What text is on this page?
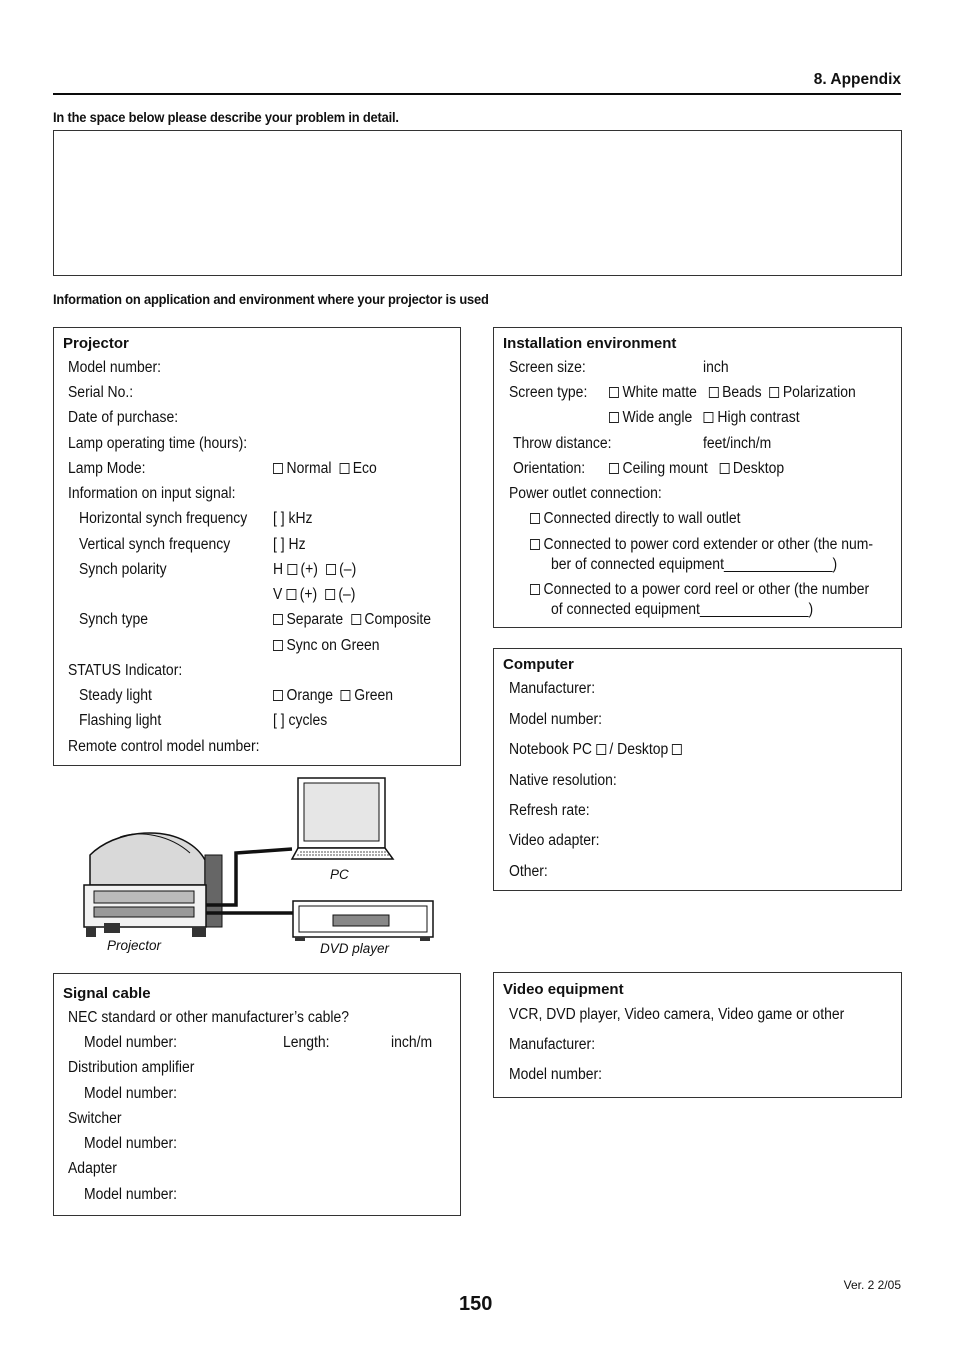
8. Appendix
In the space below please describe your problem in detail.
Information on application and environment where your projector is used
Projector
Model number:
Serial No.:
Date of purchase:
Lamp operating time (hours):
Lamp Mode:	Normal Eco
Information on input signal:
Horizontal synch frequency [ ] kHz
Vertical synch frequency	[ ] Hz
Synch polarity	H (+) (–)
V (+) (–)
Synch type	Separate Composite
Sync on Green
STATUS Indicator:
Steady light	Orange Green
Flashing light	[ ] cycles
Remote control model number:
Installation environment
Screen size:	inch
Screen type:	White matte Beads Polarization
Wide angle High contrast
Throw distance:	feet/inch/m
Orientation:	Ceiling mount Desktop
Power outlet connection:
Connected directly to wall outlet
Connected to power cord extender or other (the num-
ber of connected equipment______________)
Connected to a power cord reel or other (the number
of connected equipment______________)
Computer
Manufacturer:
Model number:
Notebook PC / Desktop
Native resolution:
Refresh rate:
Video adapter:
Other:
PC
Projector	DVD player
Signal cable
NEC standard or other manufacturer’s cable?
Model number:	Length:	inch/m
Distribution amplifier
Model number:
Switcher
Model number:
Adapter
Model number:
Video equipment
VCR, DVD player, Video camera, Video game or other
Manufacturer:
Model number:
Ver. 2 2/05
150
